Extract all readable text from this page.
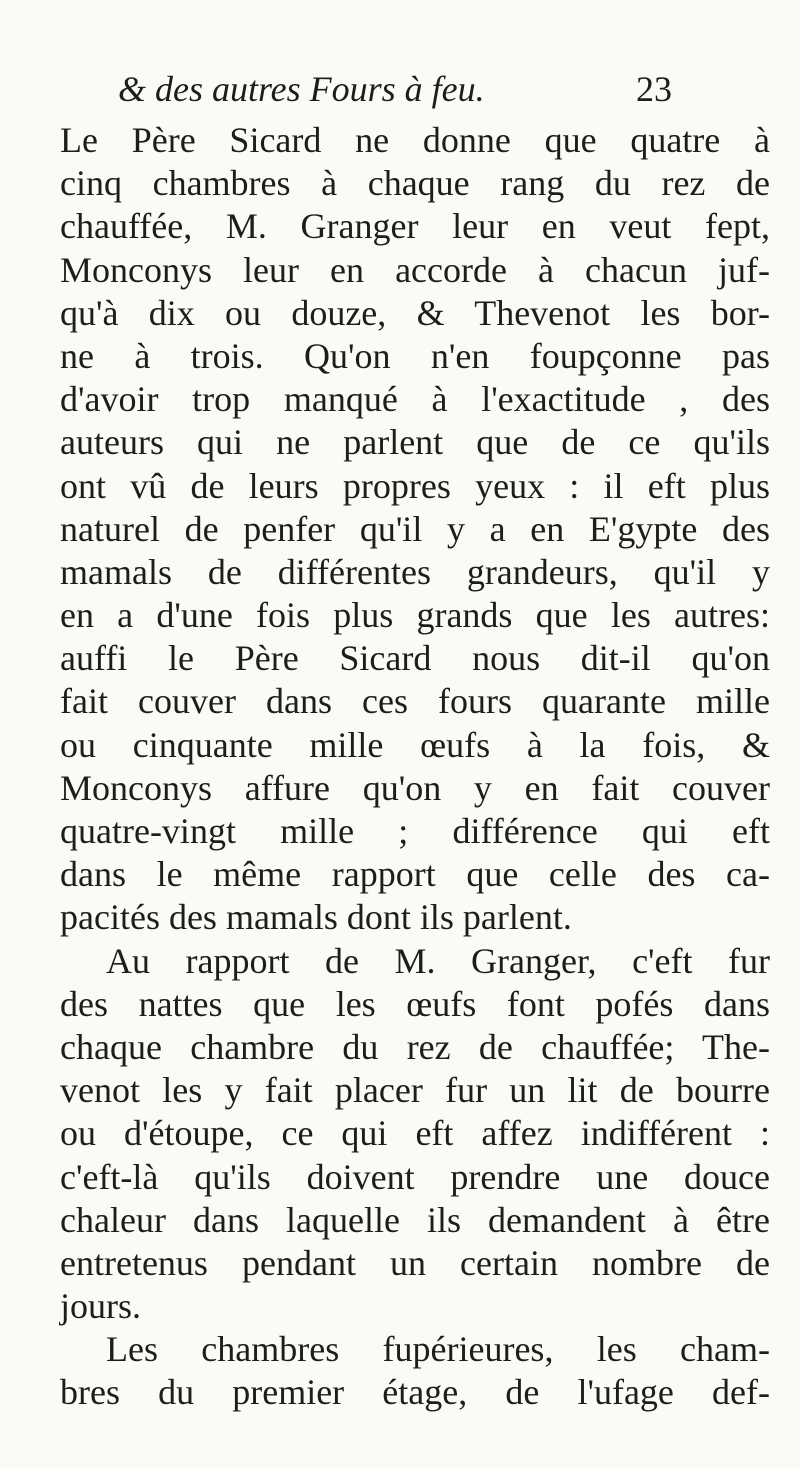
& des autres Fours à feu.	23
Le Père Sicard ne donne que quatre à
cinq chambres à chaque rang du rez de
chauffée, M. Granger leur en veut fept,
Monconys leur en accorde à chacun juf-
qu'à dix ou douze, & Thevenot les bor-
ne à trois. Qu'on n'en foupçonne pas
d'avoir trop manqué à l'exactitude , des
auteurs qui ne parlent que de ce qu'ils
ont vû de leurs propres yeux : il eft plus
naturel de penfer qu'il y a en E'gypte des
mamals de différentes grandeurs, qu'il y
en a d'une fois plus grands que les autres:
auffi le Père Sicard nous dit-il qu'on
fait couver dans ces fours quarante mille
ou cinquante mille œufs à la fois, &
Monconys affure qu'on y en fait couver
quatre-vingt mille ; différence qui eft
dans le même rapport que celle des ca-
pacités des mamals dont ils parlent.
Au rapport de M. Granger, c'eft fur
des nattes que les œufs font pofés dans
chaque chambre du rez de chauffée; The-
venot les y fait placer fur un lit de bourre
ou d'étoupe, ce qui eft affez indifférent :
c'eft-là qu'ils doivent prendre une douce
chaleur dans laquelle ils demandent à être
entretenus pendant un certain nombre de
jours.
Les chambres fupérieures, les cham-
bres du premier étage, de l'ufage def-
